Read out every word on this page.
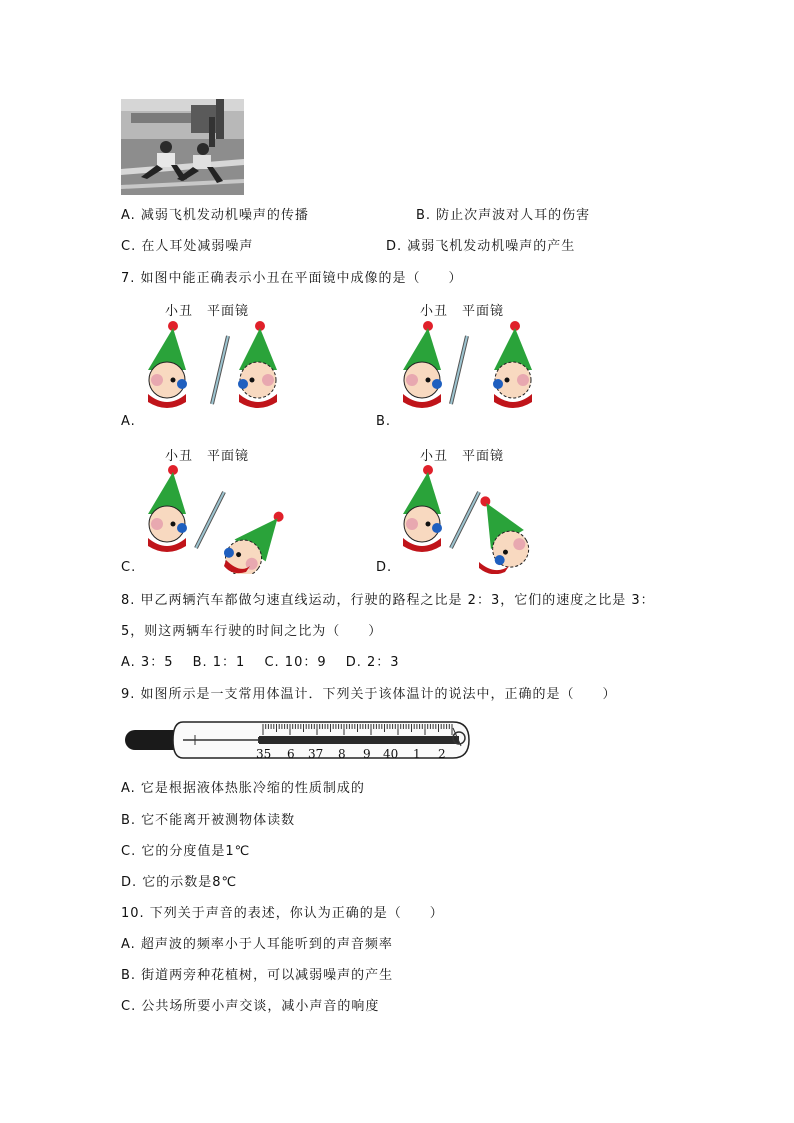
A. 减弱飞机发动机噪声的传播	B. 防止次声波对人耳的伤害
C. 在人耳处减弱噪声	D. 减弱飞机发动机噪声的产生
7. 如图中能正确表示小丑在平面镜中成像的是（　　）
小丑 平面镜
A.
小丑 平面镜
B.
小丑 平面镜
C.
小丑 平面镜
D.
8. 甲乙两辆汽车都做匀速直线运动，行驶的路程之比是 2：3，它们的速度之比是 3：
5，则这两辆车行驶的时间之比为（　　）
A. 3：5　 B. 1：1　 C. 10：9　 D. 2：3
9. 如图所示是一支常用体温计．下列关于该体温计的说法中，正确的是（　　）
35 6 37 8 9 40 1 2
A. 它是根据液体热胀冷缩的性质制成的
B. 它不能离开被测物体读数
C. 它的分度值是1℃
D. 它的示数是8℃
10. 下列关于声音的表述，你认为正确的是（　　）
A. 超声波的频率小于人耳能听到的声音频率
B. 街道两旁种花植树，可以减弱噪声的产生
C. 公共场所要小声交谈，减小声音的响度
